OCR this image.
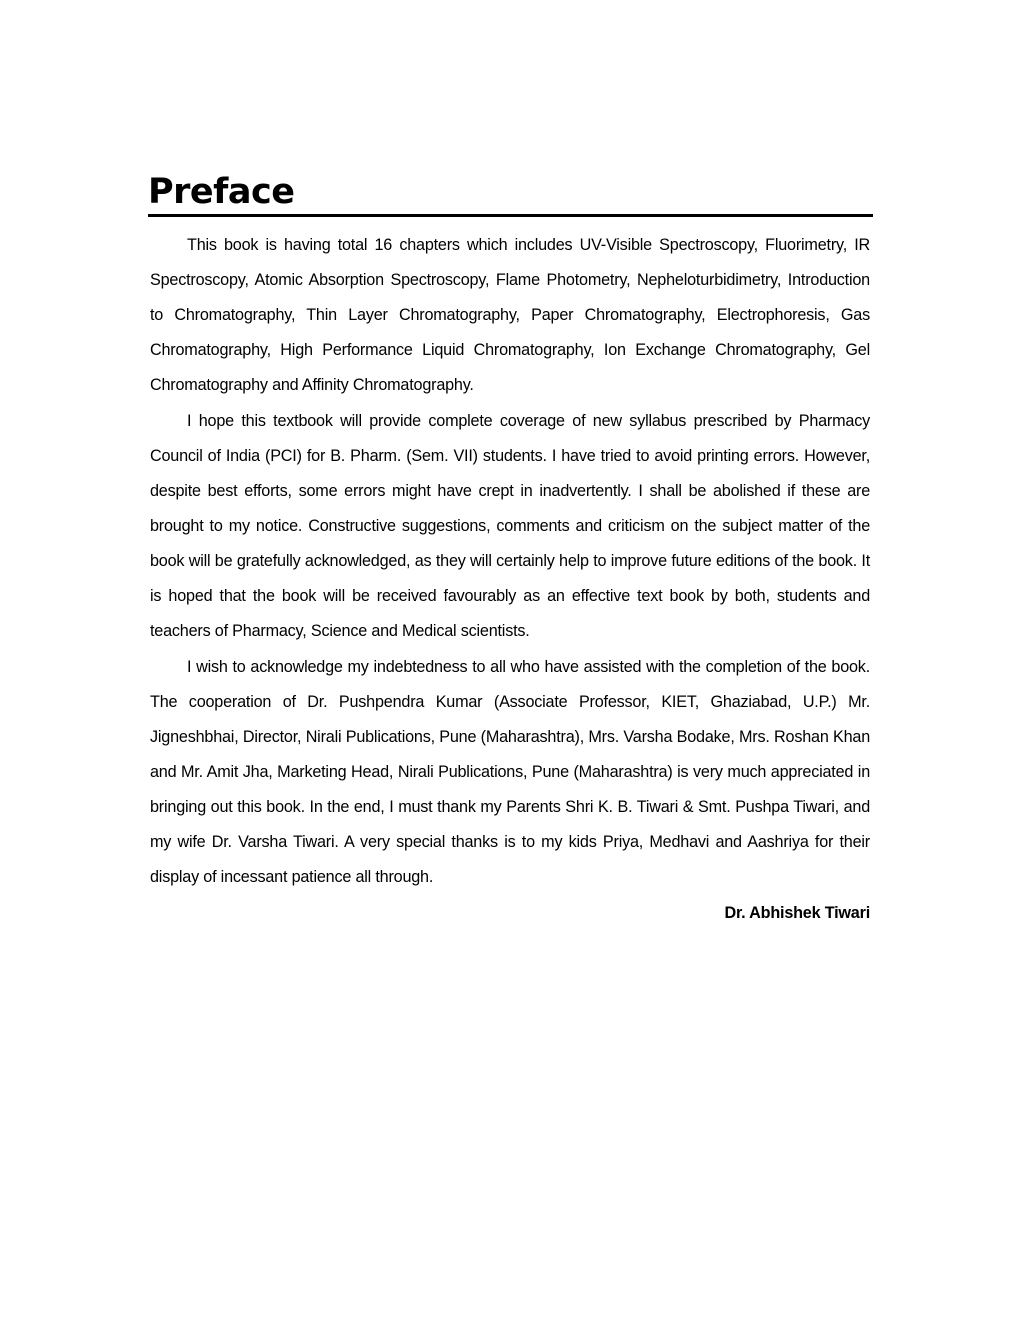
Preface

This book is having total 16 chapters which includes UV-Visible Spectroscopy, Fluorimetry, IR Spectroscopy, Atomic Absorption Spectroscopy, Flame Photometry, Nepheloturbidimetry, Introduction to Chromatography, Thin Layer Chromatography, Paper Chromatography, Electrophoresis, Gas Chromatography, High Performance Liquid Chromatography, Ion Exchange Chromatography, Gel Chromatography and Affinity Chromatography.

I hope this textbook will provide complete coverage of new syllabus prescribed by Pharmacy Council of India (PCI) for B. Pharm. (Sem. VII) students. I have tried to avoid printing errors. However, despite best efforts, some errors might have crept in inadvertently. I shall be abolished if these are brought to my notice. Constructive suggestions, comments and criticism on the subject matter of the book will be gratefully acknowledged, as they will certainly help to improve future editions of the book. It is hoped that the book will be received favourably as an effective text book by both, students and teachers of Pharmacy, Science and Medical scientists.

I wish to acknowledge my indebtedness to all who have assisted with the completion of the book. The cooperation of Dr. Pushpendra Kumar (Associate Professor, KIET, Ghaziabad, U.P.) Mr. Jigneshbhai, Director, Nirali Publications, Pune (Maharashtra), Mrs. Varsha Bodake, Mrs. Roshan Khan and Mr. Amit Jha, Marketing Head, Nirali Publications, Pune (Maharashtra) is very much appreciated in bringing out this book. In the end, I must thank my Parents Shri K. B. Tiwari & Smt. Pushpa Tiwari, and my wife Dr. Varsha Tiwari. A very special thanks is to my kids Priya, Medhavi and Aashriya for their display of incessant patience all through.

Dr. Abhishek Tiwari
